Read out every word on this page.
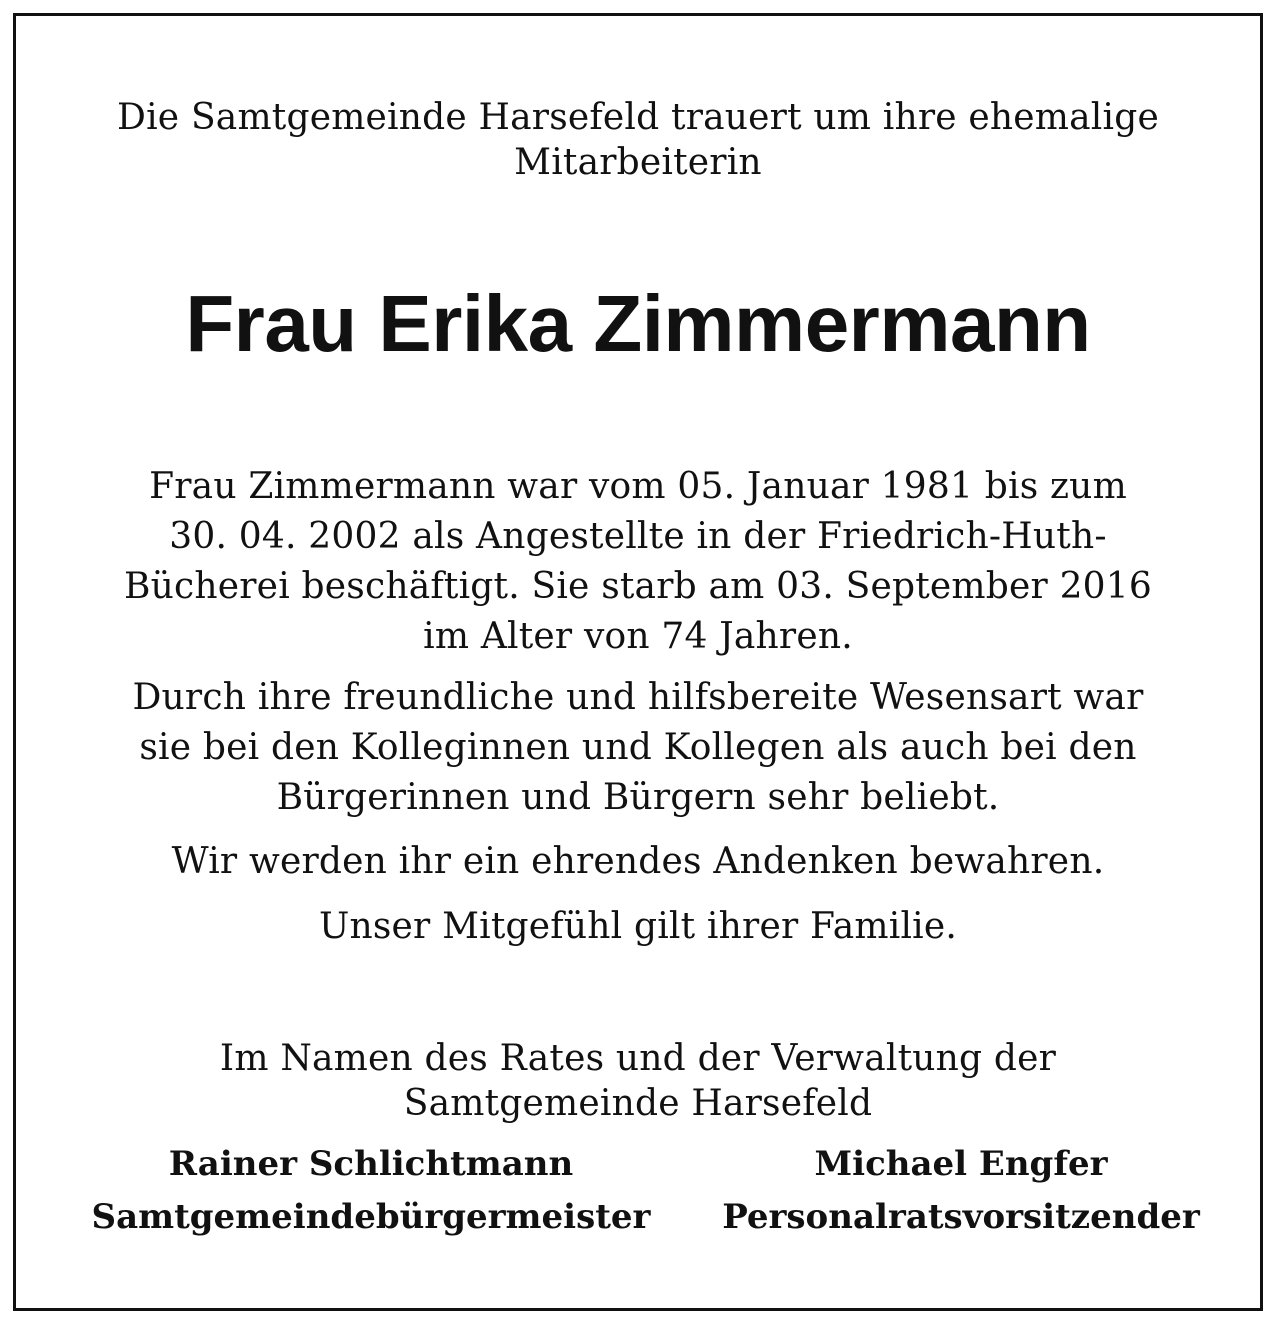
Die Samtgemeinde Harsefeld trauert um ihre ehemalige
Mitarbeiterin
Frau Erika Zimmermann
Frau Zimmermann war vom 05. Januar 1981 bis zum
30. 04. 2002 als Angestellte in der Friedrich-Huth-
Bücherei beschäftigt. Sie starb am 03. September 2016
im Alter von 74 Jahren.
Durch ihre freundliche und hilfsbereite Wesensart war
sie bei den Kolleginnen und Kollegen als auch bei den
Bürgerinnen und Bürgern sehr beliebt.
Wir werden ihr ein ehrendes Andenken bewahren.
Unser Mitgefühl gilt ihrer Familie.
Im Namen des Rates und der Verwaltung der
Samtgemeinde Harsefeld
Rainer Schlichtmann
Samtgemeindebürgermeister
Michael Engfer
Personalratsvorsitzender
